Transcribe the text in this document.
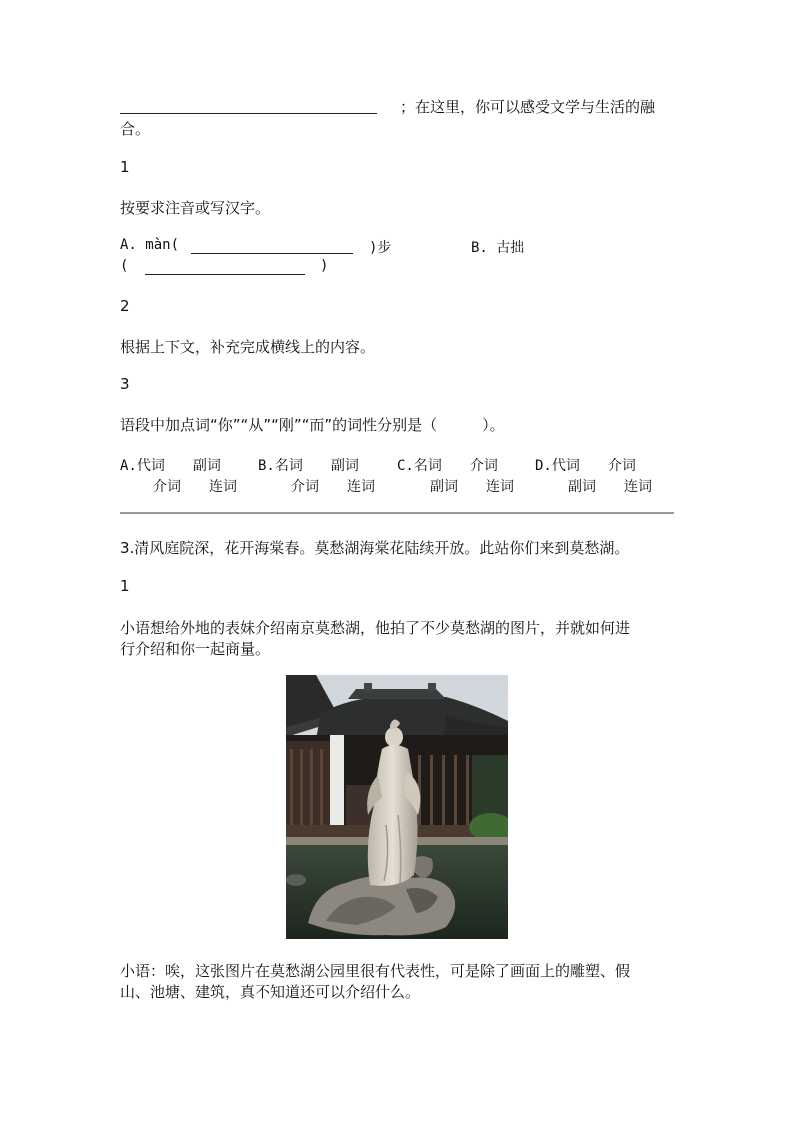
；在这里，你可以感受文学与生活的融
合。
1
按要求注音或写汉字。
A. màn(	)步	B. 古拙
(	)
2
根据上下文，补充完成横线上的内容。
3
语段中加点词“你”“从”“刚”“而”的词性分别是（　　　）。
A.代词　　副词
介词　　连词
B.名词　　副词
介词　　连词
C.名词　　介词
副词　　连词
D.代词　　介词
副词　　连词
3.清风庭院深，花开海棠春。莫愁湖海棠花陆续开放。此站你们来到莫愁湖。
1
小语想给外地的表妹介绍南京莫愁湖，他拍了不少莫愁湖的图片，并就如何进
行介绍和你一起商量。
小语：唉，这张图片在莫愁湖公园里很有代表性，可是除了画面上的雕塑、假
山、池塘、建筑，真不知道还可以介绍什么。
